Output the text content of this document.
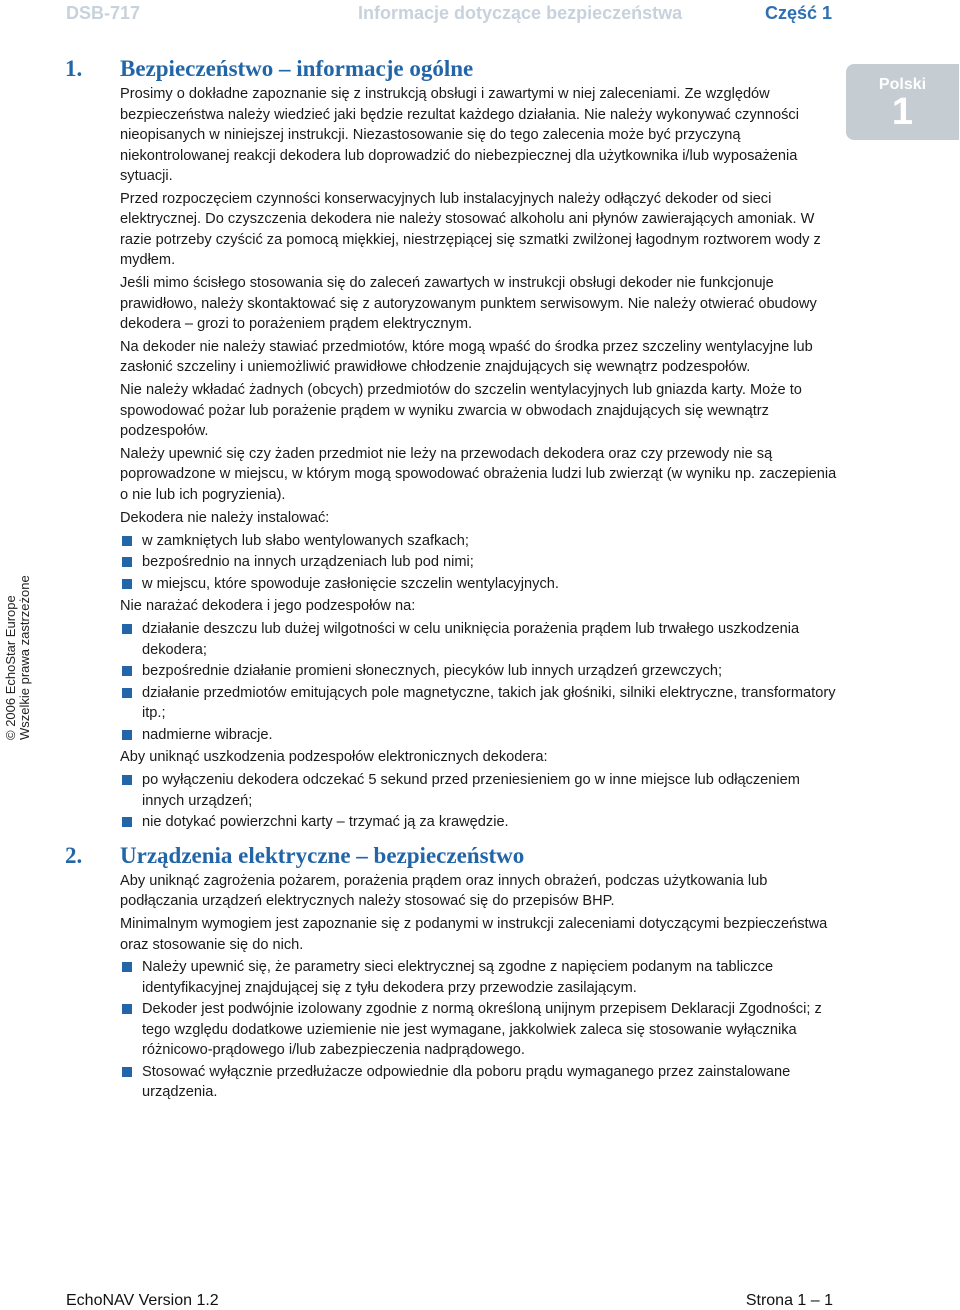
DSB-717	Informacje dotyczące bezpieczeństwa	Część 1
Polski
1
© 2006 EchoStar Europe Wszelkie prawa zastrzeżone
1.	Bezpieczeństwo – informacje ogólne

Prosimy o dokładne zapoznanie się z instrukcją obsługi i zawartymi w niej zaleceniami. Ze względów bezpieczeństwa należy wiedzieć jaki będzie rezultat każdego działania. Nie należy wykonywać czynności nieopisanych w niniejszej instrukcji. Niezastosowanie się do tego zalecenia może być przyczyną niekontrolowanej reakcji dekodera lub doprowadzić do niebezpiecznej dla użytkownika i/lub wyposażenia sytuacji.

Przed rozpoczęciem czynności konserwacyjnych lub instalacyjnych należy odłączyć dekoder od sieci elektrycznej. Do czyszczenia dekodera nie należy stosować alkoholu ani płynów zawierających amoniak. W razie potrzeby czyścić za pomocą miękkiej, niestrzępiącej się szmatki zwilżonej łagodnym roztworem wody z mydłem.

Jeśli mimo ścisłego stosowania się do zaleceń zawartych w instrukcji obsługi dekoder nie funkcjonuje prawidłowo, należy skontaktować się z autoryzowanym punktem serwisowym. Nie należy otwierać obudowy dekodera – grozi to porażeniem prądem elektrycznym.

Na dekoder nie należy stawiać przedmiotów, które mogą wpaść do środka przez szczeliny wentylacyjne lub zasłonić szczeliny i uniemożliwić prawidłowe chłodzenie znajdujących się wewnątrz podzespołów.

Nie należy wkładać żadnych (obcych) przedmiotów do szczelin wentylacyjnych lub gniazda karty. Może to spowodować pożar lub porażenie prądem w wyniku zwarcia w obwodach znajdujących się wewnątrz podzespołów.

Należy upewnić się czy żaden przedmiot nie leży na przewodach dekodera oraz czy przewody nie są poprowadzone w miejscu, w którym mogą spowodować obrażenia ludzi lub zwierząt (w wyniku np. zaczepienia o nie lub ich pogryzienia).

Dekodera nie należy instalować:

w zamkniętych lub słabo wentylowanych szafkach;
bezpośrednio na innych urządzeniach lub pod nimi;
w miejscu, które spowoduje zasłonięcie szczelin wentylacyjnych.

Nie narażać dekodera i jego podzespołów na:

działanie deszczu lub dużej wilgotności w celu uniknięcia porażenia prądem lub trwałego uszkodzenia dekodera;
bezpośrednie działanie promieni słonecznych, piecyków lub innych urządzeń grzewczych;
działanie przedmiotów emitujących pole magnetyczne, takich jak głośniki, silniki elektryczne, transformatory itp.;
nadmierne wibracje.

Aby uniknąć uszkodzenia podzespołów elektronicznych dekodera:

po wyłączeniu dekodera odczekać 5 sekund przed przeniesieniem go w inne miejsce lub odłączeniem innych urządzeń;
nie dotykać powierzchni karty – trzymać ją za krawędzie.
2.	Urządzenia elektryczne – bezpieczeństwo

Aby uniknąć zagrożenia pożarem, porażenia prądem oraz innych obrażeń, podczas użytkowania lub podłączania urządzeń elektrycznych należy stosować się do przepisów BHP.

Minimalnym wymogiem jest zapoznanie się z podanymi w instrukcji zaleceniami dotyczącymi bezpieczeństwa oraz stosowanie się do nich.

Należy upewnić się, że parametry sieci elektrycznej są zgodne z napięciem podanym na tabliczce identyfikacyjnej znajdującej się z tyłu dekodera przy przewodzie zasilającym.
Dekoder jest podwójnie izolowany zgodnie z normą określoną unijnym przepisem Deklaracji Zgodności; z tego względu dodatkowe uziemienie nie jest wymagane, jakkolwiek zaleca się stosowanie wyłącznika różnicowo-prądowego i/lub zabezpieczenia nadprądowego.
Stosować wyłącznie przedłużacze odpowiednie dla poboru prądu wymaganego przez zainstalowane urządzenia.
EchoNAV Version 1.2	Strona 1 – 1
